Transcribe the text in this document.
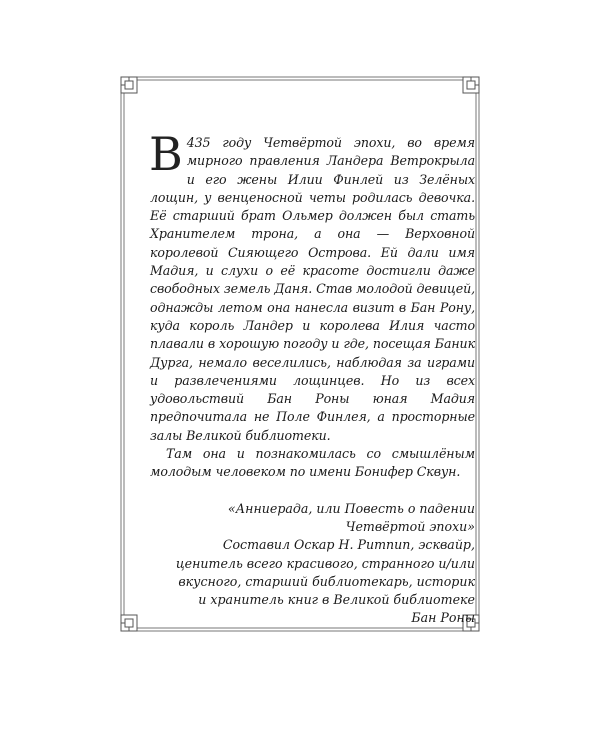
В 435 году Четвёртой эпохи, во время мирного правления Ландера Ветрокрыла и его жены Илии Финлей из Зелёных лощин, у венценосной четы родилась девочка. Её старший брат Ольмер должен был стать Хранителем трона, а она — Верховной королевой Сияющего Острова. Ей дали имя Мадия, и слухи о её красоте достигли даже свободных земель Даня. Став молодой девицей, однажды летом она нанесла визит в Бан Рону, куда король Ландер и королева Илия часто плавали в хорошую погоду и где, посещая Баник Дурга, немало веселились, наблюдая за играми и развлечениями лощинцев. Но из всех удовольствий Бан Роны юная Мадия предпочитала не Поле Финлея, а просторные залы Великой библиотеки.

Там она и познакомилась со смышлёным молодым человеком по имени Бонифер Сквун.

«Анниерада, или Повесть о падении
Четвёртой эпохи»
Составил Оскар Н. Ритпип, эсквайр,
ценитель всего красивого, странного и/или
вкусного, старший библиотекарь, историк
и хранитель книг в Великой библиотеке
Бан Роны
